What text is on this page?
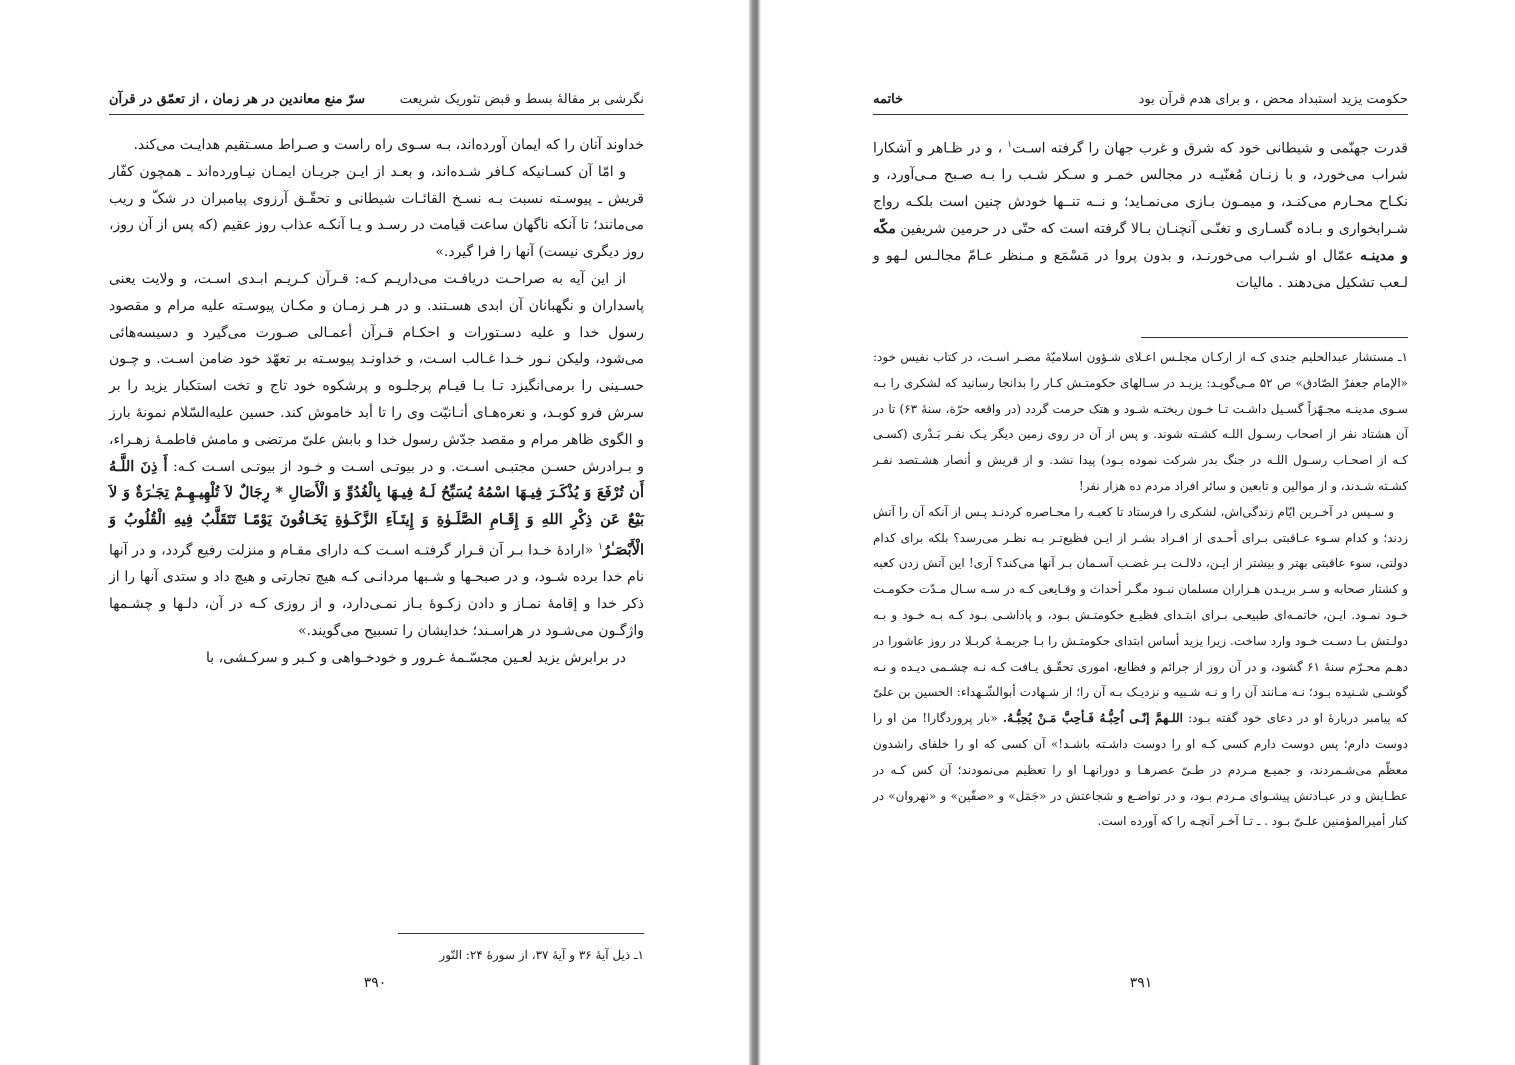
نگرشی بر مقالهٔ بسط و قبض تئوریک شریعت
سرّ منع معاندین در هر زمان ، از تعمّق در قرآن

خداوند آنان را که ایمان آورده‌اند، بـه سـوی راه راست و صـراط مسـتقیم هدایـت می‌کند.

و امّا آن کسـانیکه کـافر شـده‌اند، و بعـد از ایـن جریـان ایمـان نیـاورده‌اند ـ همچون کفّار قریش ـ پیوسـته نسبت بـه نسـخ القائـات شیطانی و تحقّـق آرزوی پیامبران در شکّ و ریب می‌مانند؛ تا آنکه ناگهان ساعت قیامت در رسـد و یـا آنکـه عذاب روز عقیم (که پس از آن روز، روز دیگری نیست) آنها را فرا گیرد.»

از این آیه به صراحـت دریافـت می‌داریـم کـه: قـرآن کـریـم ابـدی اسـت، و ولایت یعنی پاسداران و نگهبانان آن ابدی هسـتند. و در هـر زمـان و مکـان پیوسـته علیه مرام و مقصود رسول خدا و علیه دسـتورات و احکـام قـرآن أعمـالی صـورت می‌گیرد و دسیسه‌هائی می‌شود، ولیکن نـور خـدا غـالب اسـت، و خداونـد پیوسـته بر تعهّد خود ضامن اسـت. و چـون حسـینی را برمی‌انگیزد تـا بـا قیـام پرجلـوه و پرشکوه خود تاج و تخت استکبار یزید را بر سرش فرو کوبـد، و نعره‌هـای أنـانیّت وی را تا أبد خاموش کند. حسین علیه‌السّلام نمونهٔ بارز و الگوی ظاهر مرام و مقصد جدّش رسول خدا و بابش علیّ مرتضی و مامش فاطمـهٔ زهـراء، و بـرادرش حسـن مجتبـی اسـت. و در بیوتـی اسـت و خـود از بیوتـی اسـت کـه: أَ ذِنَ اللَّـهُ أَن تُرْفَعَ وَ يُذْكَـرَ فِيـهَا اسْمُهُ يُسَبِّحُ لَـهُ فِيـهَا بِالْغُدُوِّ وَ الْأَصَالِ * رِجَالٌ لاَ تُلْهِيـهِـمْ تِجَـٰرَةٌ وَ لاَ بَيْعٌ عَن ذِكْرِ اللهِ وَ إِقَـامِ الصَّلَـوٰةِ وَ إِيتَـآءِ الزَّكَـوٰةِ يَخَـافُونَ يَوْمًـا تَتَقَلَّبُ فِيهِ الْقُلُوبُ وَ الْأَبْصَـٰرُ$^۱$ «ارادهٔ خـدا بـر آن قـرار گرفتـه اسـت کـه دارای مقـام و منزلت رفیع گردد، و در آنها نام خدا برده شـود، و در صبحـها و شـبها مردانـی کـه هیچ تجارتی و هیچ داد و ستدی آنها را از ذکر خدا و إقامهٔ نمـاز و دادن زکـوهٔ بـاز نمـی‌دارد، و از روزی کـه در آن، دلـها و چشـمها واژگـون می‌شـود در هراسـند؛ خدایشان را تسبیح می‌گویند.»

در برابرش یزید لعـین مجسّـمهٔ غـرور و خودخـواهی و کـبر و سرکـشی، با

۱ـ ذیل آیهٔ ۳۶ و آیهٔ ۳۷، از سورهٔ ۲۴: النّور

۳۹۰
حکومت یزید استبداد محض ، و برای هدم قرآن بود
خاتمه

قدرت جهنّمی و شیطانی خود که شرق و غرب جهان را گرفته اسـت$^۱$ ، و در ظـاهر و آشکارا شراب می‌خورد، و با زنـان مُغنّیـه در مجالس خمـر و سـکر شـب را بـه صـبح مـی‌آورد، و نکـاح محـارم می‌کنـد، و میمـون بـازی می‌نمـاید؛ و نــه تنــها خودش چنین است بلکـه رواج شـرابخواری و بـاده گسـاری و تغنّـی آنچنـان بـالا گرفته است که حتّی در حرمین شریفین مکّه و مدینـه عمّال او شـراب می‌خورنـد، و بدون پروا در مَسْمَع و مـنظر عـامّ مجالـس لـهو و لـعب تشکیل می‌دهند . مالیات

۱ـ مستشار عبدالحلیم جندی کـه از ارکـان مجلـس اعـلای شـؤون اسلامیّهٔ مصـر اسـت، در کتاب نفیس خود: «الإمام جعفرٌ الصّادق» ص ۵۲ مـی‌گویـد: یزیـد در سـالهای حکومتـش کـار را بدانجا رسانید که لشکری را بـه سـوی مدینـه مجـهّزاً گسـیل داشـت تـا خـون ریختـه شـود و هتک حرمت گردد (در واقعه حرّة، سنهٔ ۶۳) تا در آن هشتاد نفر از اصحاب رسـول اللـه کشـته شوند. و پس از آن در روی زمین دیگر یـک نفـر بَـدْری (کسـی کـه از اصحـاب رسـول اللـه در جنگ بدر شرکت نموده بـود) پیدا نشد. و از قریش و أنصار هشـتصد نفـر کشـته شـدند، و از موالین و تابعین و سائر افراد مردم ده هزار نفر!

و سـپس در آخـرین ایّام زندگی‌اش، لشکری را فرستاد تا کعبـه را محـاصره کردنـد پـس از آنکه آن را آتش زدند؛ و کدام سـوء عـاقبتی بـرای أحـدی از افـراد بشـر از ایـن فظیع‌تـر بـه نظـر می‌رسد؟ بلکه برای کدام دولتی، سوء عاقبتی بهتر و بیشتر از ایـن، دلالـت بـر غضـب آسـمان بـر آنها می‌کند؟ آری! این آتش زدن کعبه و کشتار صحابه و سـر بریـدن هـزاران مسلمان نبـود مگـر أحداث و وقـایعی کـه در سـه سـال مـدّت حکومـت خـود نمـود. ایـن، خاتمـه‌ای طبیعـی بـرای ابتـدای فظیـع حکومتـش بـود، و پاداشـی بـود کـه بـه خـود و بـه دولـتش بـا دسـت خـود وارد ساخت. زیرا یزید أساس ابتدای حکومتـش را بـا جریمـهٔ کربـلا در روز عاشورا در دهـم محـرّم سنهٔ ۶۱ گشود، و در آن روز از جرائم و فظایع، اموری تحقّـق یـافت کـه نـه چشـمی دیـده و نـه گوشـی شـنیده بـود؛ نـه مـانند آن را و نـه شـبیه و نزدیـک بـه آن را؛ از شـهادت أبوالشّـهداء: الحسین بن علیّ که پیامبر دربارهٔ او در دعای خود گفته بـود: اللـهمَّ إنّـی اُحِبُّـهُ فَـأحِبَّ مَـنْ یُحِبُّـهُ. «بار پروردگارا! من او را دوست دارم؛ پس دوست دارم کسی کـه او را دوست داشـته باشـد!» آن کسی که او را خلفای راشدون معظّم می‌شـمردند، و جمیـع مـردم در طـیّ عصرهـا و دورانهـا او را تعظیم می‌نمودند؛ آن کس کـه در عطـایش و در عبـادتش پیشـوای مـردم بـود، و در تواضـع و شجاعتش در «جَمَل» و «صفّین» و «نهروان» در کنار أمیرالمؤمنین علـیّ بـود . ـ تـا آخـر آنچـه را که آورده است.

۳۹۱
